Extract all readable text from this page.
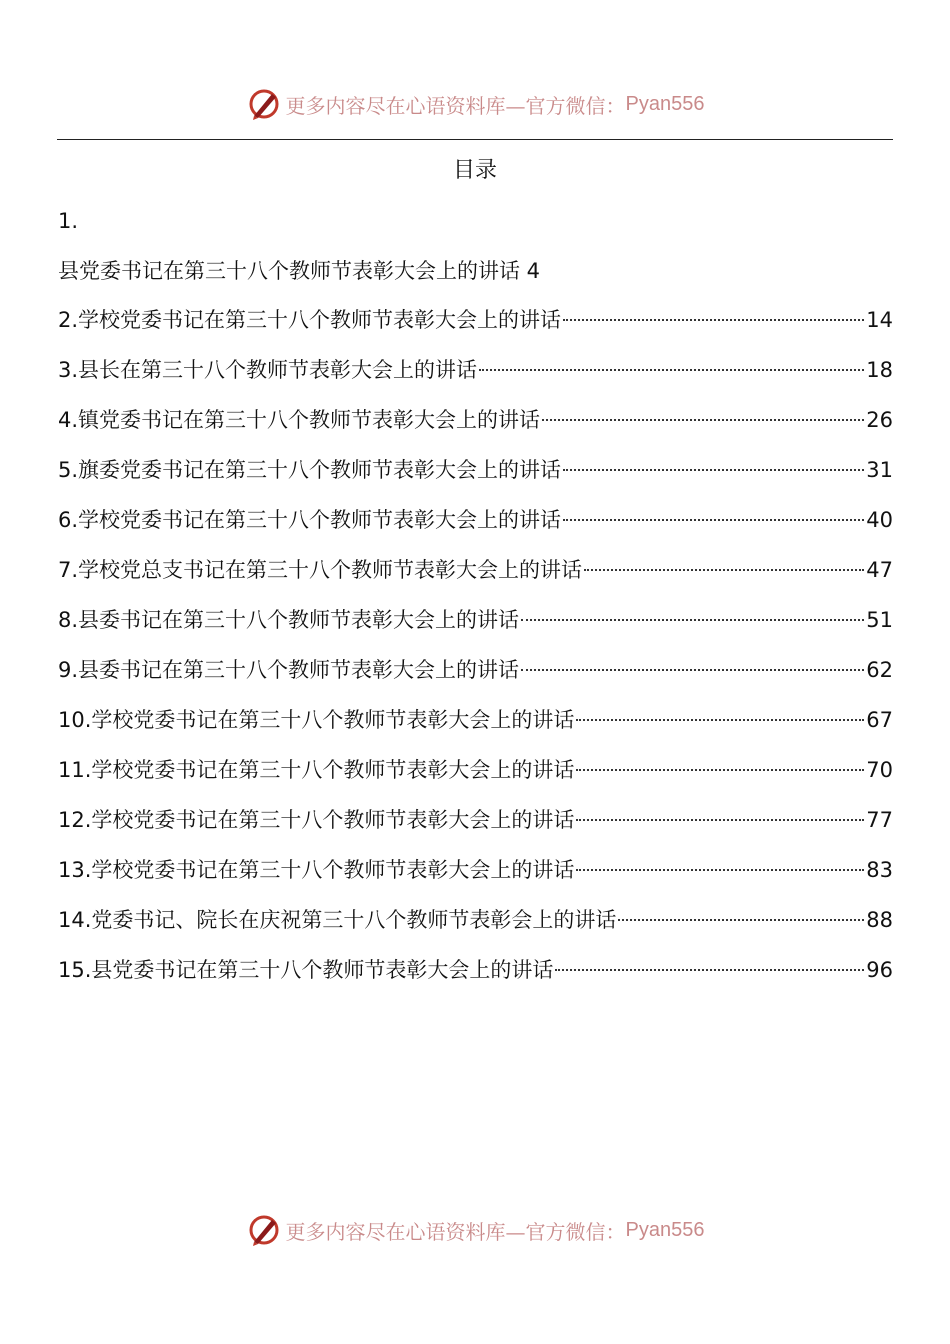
更多内容尽在心语资料库—官方微信： Pyan556
目录
1.
县党委书记在第三十八个教师节表彰大会上的讲话 4
2.学校党委书记在第三十八个教师节表彰大会上的讲话	14
3.县长在第三十八个教师节表彰大会上的讲话	18
4.镇党委书记在第三十八个教师节表彰大会上的讲话	26
5.旗委党委书记在第三十八个教师节表彰大会上的讲话	31
6.学校党委书记在第三十八个教师节表彰大会上的讲话	40
7.学校党总支书记在第三十八个教师节表彰大会上的讲话	47
8.县委书记在第三十八个教师节表彰大会上的讲话	51
9.县委书记在第三十八个教师节表彰大会上的讲话	62
10.学校党委书记在第三十八个教师节表彰大会上的讲话	67
11.学校党委书记在第三十八个教师节表彰大会上的讲话	70
12.学校党委书记在第三十八个教师节表彰大会上的讲话	77
13.学校党委书记在第三十八个教师节表彰大会上的讲话	83
14.党委书记、院长在庆祝第三十八个教师节表彰会上的讲话	88
15.县党委书记在第三十八个教师节表彰大会上的讲话	96
更多内容尽在心语资料库—官方微信： Pyan556
